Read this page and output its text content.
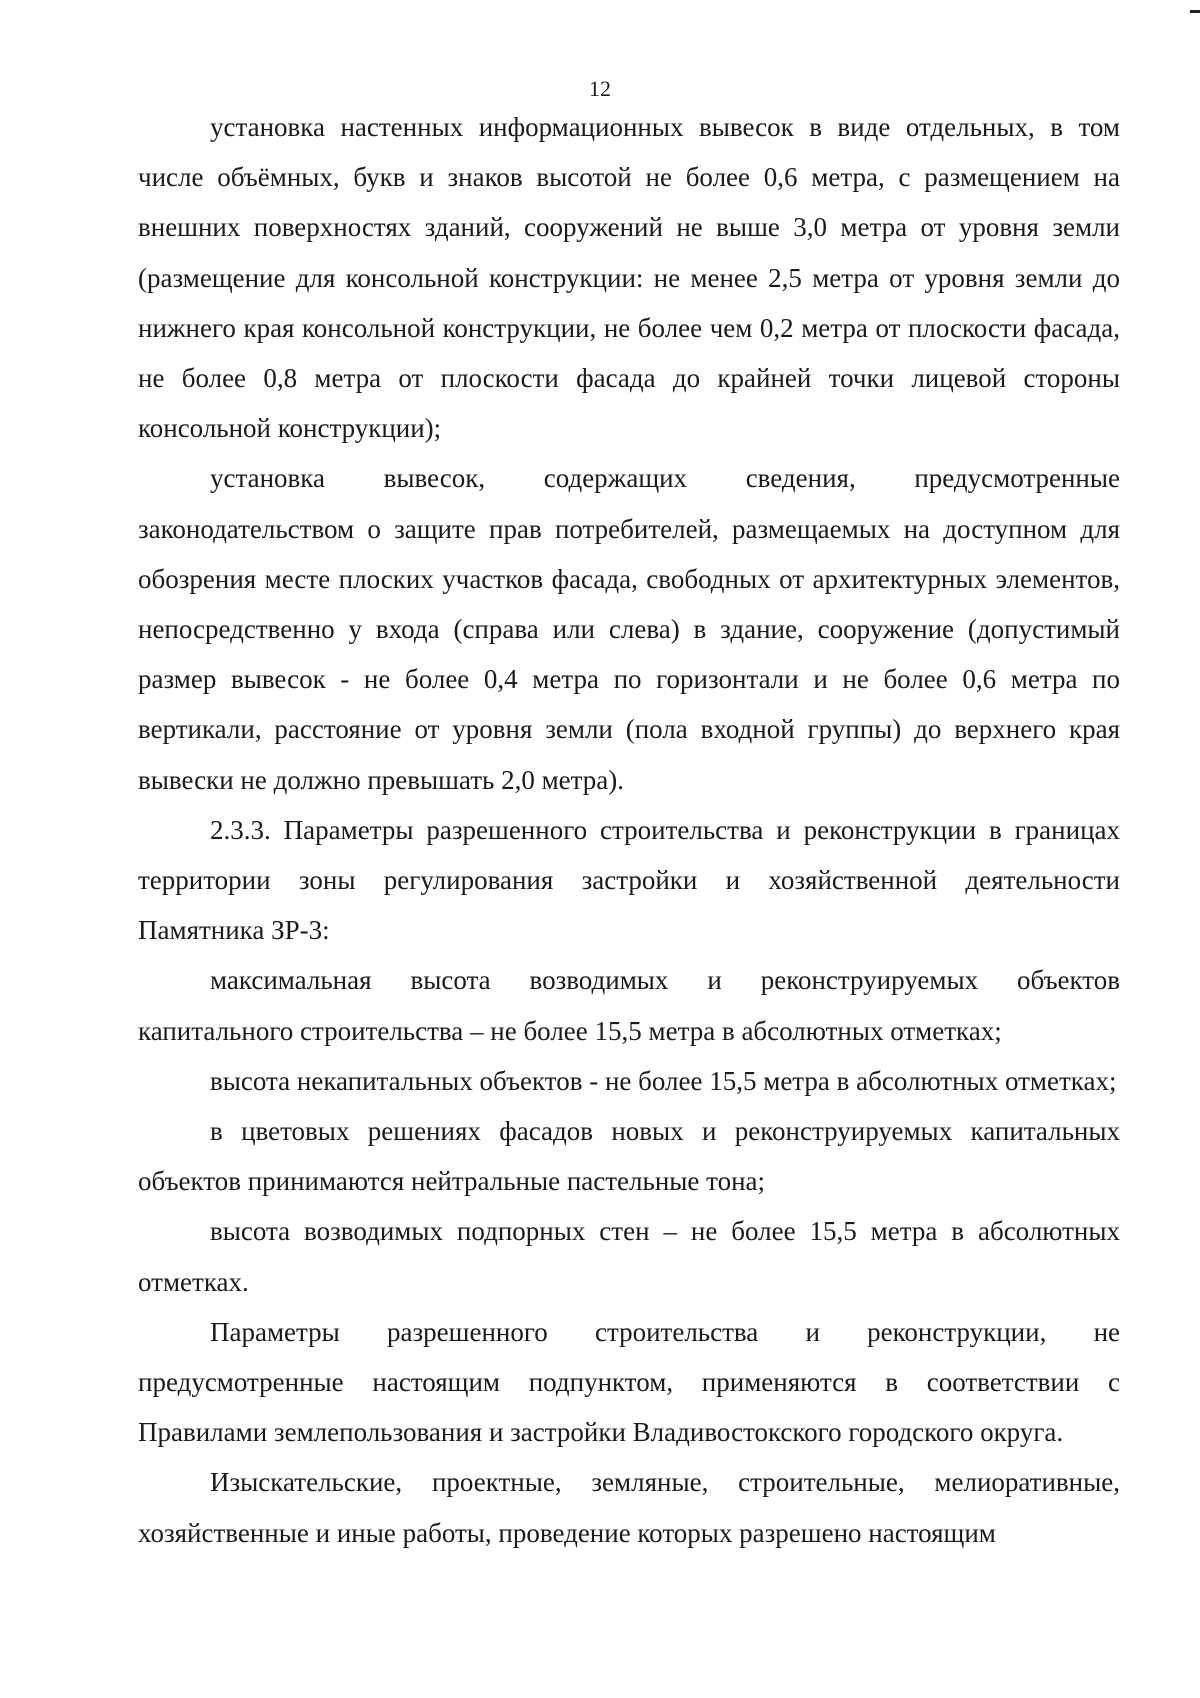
12

установка настенных информационных вывесок в виде отдельных, в том числе объёмных, букв и знаков высотой не более 0,6 метра, с размещением на внешних поверхностях зданий, сооружений не выше 3,0 метра от уровня земли (размещение для консольной конструкции: не менее 2,5 метра от уровня земли до нижнего края консольной конструкции, не более чем 0,2 метра от плоскости фасада, не более 0,8 метра от плоскости фасада до крайней точки лицевой стороны консольной конструкции);

установка вывесок, содержащих сведения, предусмотренные законодательством о защите прав потребителей, размещаемых на доступном для обозрения месте плоских участков фасада, свободных от архитектурных элементов, непосредственно у входа (справа или слева) в здание, сооружение (допустимый размер вывесок - не более 0,4 метра по горизонтали и не более 0,6 метра по вертикали, расстояние от уровня земли (пола входной группы) до верхнего края вывески не должно превышать 2,0 метра).

2.3.3. Параметры разрешенного строительства и реконструкции в границах территории зоны регулирования застройки и хозяйственной деятельности Памятника ЗР-3:

максимальная высота возводимых и реконструируемых объектов капитального строительства – не более 15,5 метра в абсолютных отметках;

высота некапитальных объектов - не более 15,5 метра в абсолютных отметках;

в цветовых решениях фасадов новых и реконструируемых капитальных объектов принимаются нейтральные пастельные тона;

высота возводимых подпорных стен – не более 15,5 метра в абсолютных отметках.

Параметры разрешенного строительства и реконструкции, не предусмотренные настоящим подпунктом, применяются в соответствии с Правилами землепользования и застройки Владивостокского городского округа.

Изыскательские, проектные, земляные, строительные, мелиоративные, хозяйственные и иные работы, проведение которых разрешено настоящим
